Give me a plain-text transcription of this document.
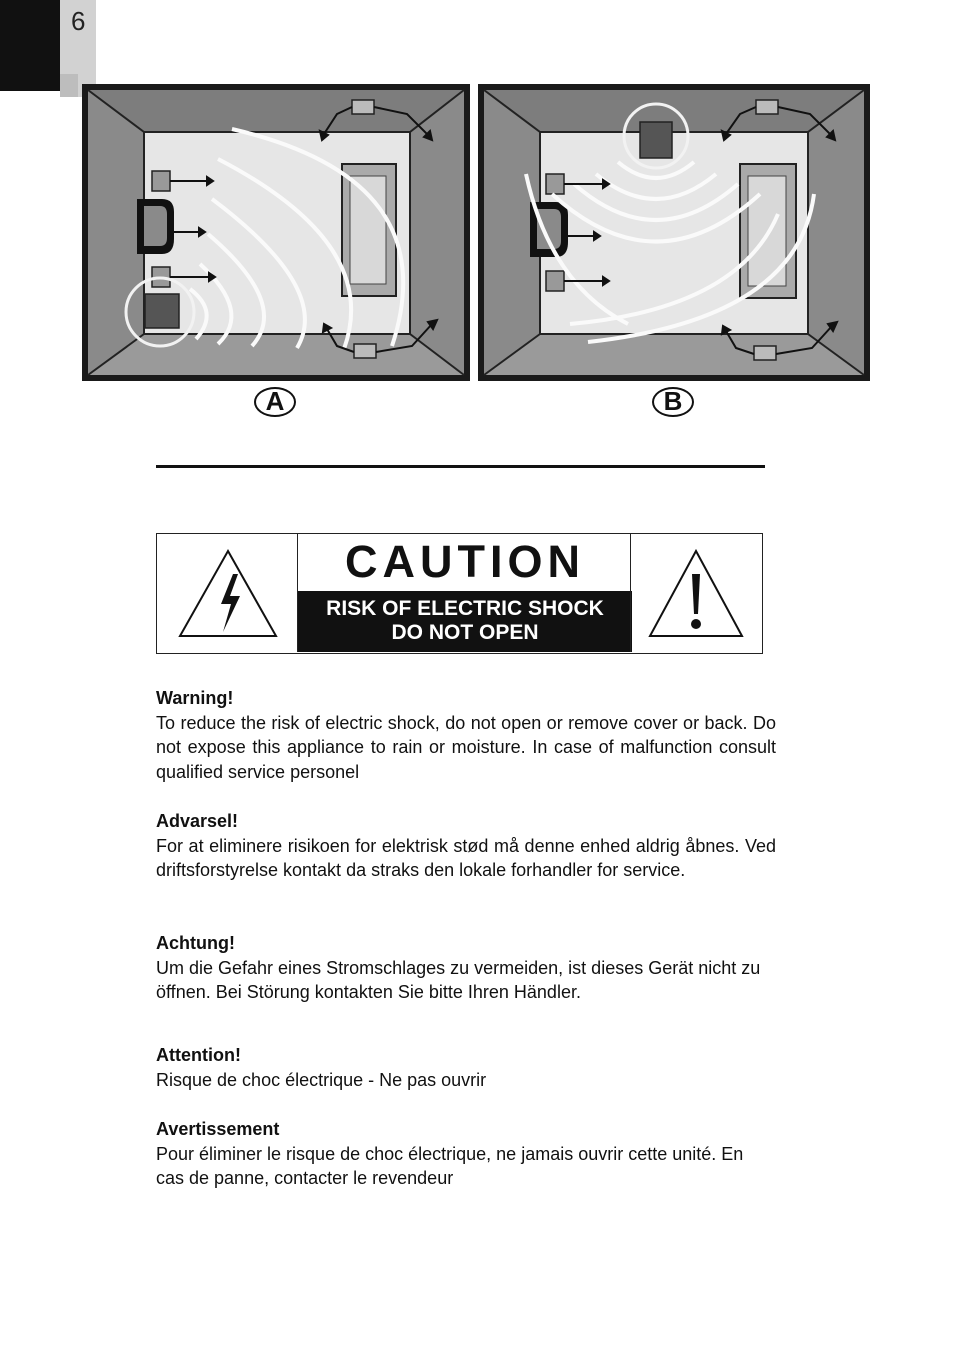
6
A	B
CAUTION
RISK OF ELECTRIC SHOCK
DO NOT OPEN
Warning!
To reduce the risk of electric shock, do not open or remove cover or back. Do not expose this appliance to rain or moisture. In case of malfunction consult qualified service personel
Advarsel!
For at eliminere risikoen for elektrisk stød må denne enhed aldrig åbnes. Ved driftsforstyrelse kontakt da straks den lokale forhandler for service.
Achtung!
Um die Gefahr eines Stromschlages zu vermeiden, ist dieses Gerät nicht zu öffnen. Bei Störung kontakten Sie bitte Ihren Händler.
Attention!
Risque de choc électrique - Ne pas ouvrir
Avertissement
Pour éliminer le risque de choc électrique, ne jamais ouvrir cette unité. En cas de panne, contacter le revendeur
